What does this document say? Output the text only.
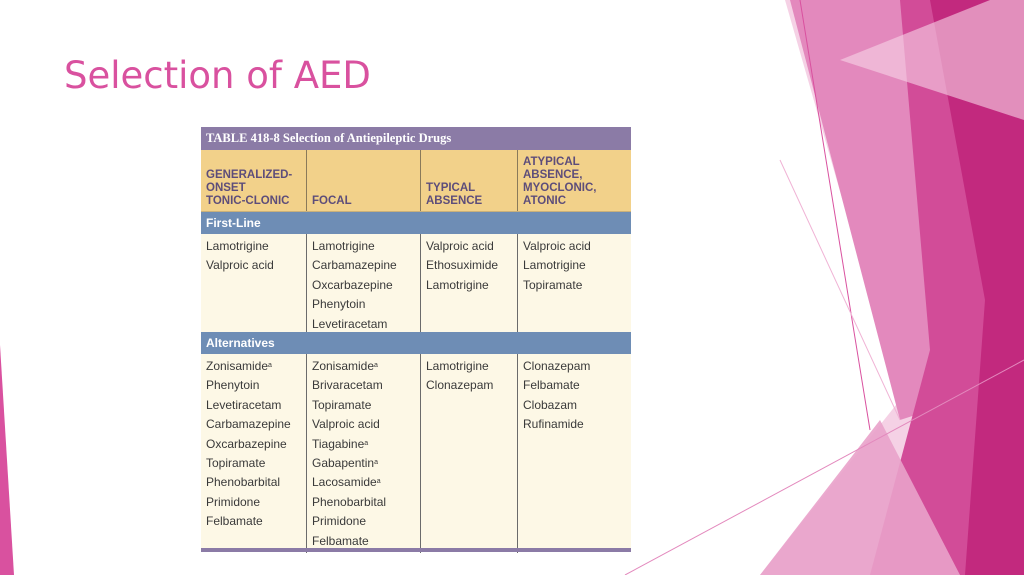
Selection of AED
TABLE 418-8 Selection of Antiepileptic Drugs
GENERALIZED-
ONSET
TONIC-CLONIC	FOCAL
TYPICAL
ABSENCE
ATYPICAL
ABSENCE,
MYOCLONIC,
ATONIC
First-Line
Lamotrigine
Valproic acid
Lamotrigine
Carbamazepine
Oxcarbazepine
Phenytoin
Levetiracetam
Valproic acid
Ethosuximide
Lamotrigine
Valproic acid
Lamotrigine
Topiramate
Alternatives
Zonisamide$^a$
Phenytoin
Levetiracetam
Carbamazepine
Oxcarbazepine
Topiramate
Phenobarbital
Primidone
Felbamate
Zonisamide$^a$
Brivaracetam
Topiramate
Valproic acid
Tiagabine$^a$
Gabapentin$^a$
Lacosamide$^a$
Phenobarbital
Primidone
Felbamate
Lamotrigine
Clonazepam
Clonazepam
Felbamate
Clobazam
Rufinamide
